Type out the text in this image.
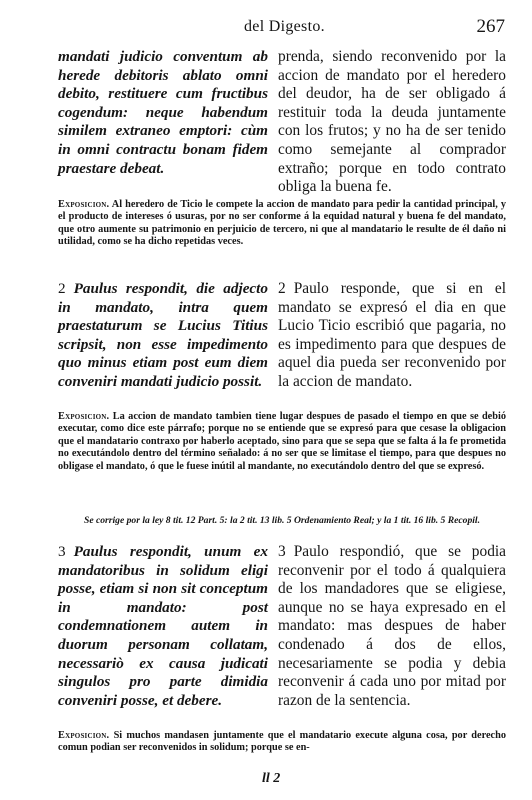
del Digesto.	267
mandati judicio conventum ab herede debitoris ablato omni debito, restituere cum fructibus cogendum: neque habendum similem extraneo emptori: cùm in omni contractu bonam fidem praestare debeat.
prenda, siendo reconvenido por la accion de mandato por el heredero del deudor, ha de ser obligado á restituir toda la deuda juntamente con los frutos; y no ha de ser tenido como semejante al comprador extraño; porque en todo contrato obliga la buena fe.
Exposicion. Al heredero de Ticio le compete la accion de mandato para pedir la cantidad principal, y el producto de intereses ó usuras, por no ser conforme á la equidad natural y buena fe del mandato, que otro aumente su patrimonio en perjuicio de tercero, ni que al mandatario le resulte de él daño ni utilidad, como se ha dicho repetidas veces.
2 Paulus respondit, die adjecto in mandato, intra quem praestaturum se Lucius Titius scripsit, non esse impedimento quo minus etiam post eum diem conveniri mandati judicio possit.
2 Paulo responde, que si en el mandato se expresó el dia en que Lucio Ticio escribió que pagaria, no es impedimento para que despues de aquel dia pueda ser reconvenido por la accion de mandato.
Exposicion. La accion de mandato tambien tiene lugar despues de pasado el tiempo en que se debió executar, como dice este párrafo; porque no se entiende que se expresó para que cesase la obligacion que el mandatario contraxo por haberlo aceptado, sino para que se sepa que se falta á la fe prometida no executándolo dentro del término señalado: á no ser que se limitase el tiempo, para que despues no obligase el mandato, ó que le fuese inútil al mandante, no executándolo dentro del que se expresó.
Se corrige por la ley 8 tit. 12 Part. 5: la 2 tit. 13 lib. 5 Ordenamiento Real; y la 1 tit. 16 lib. 5 Recopil.
3 Paulus respondit, unum ex mandatoribus in solidum eligi posse, etiam si non sit conceptum in mandato: post condemnationem autem in duorum personam collatam, necessariò ex causa judicati singulos pro parte dimidia conveniri posse, et debere.
3 Paulo respondió, que se podia reconvenir por el todo á qualquiera de los mandadores que se eligiese, aunque no se haya expresado en el mandato: mas despues de haber condenado á dos de ellos, necesariamente se podia y debia reconvenir á cada uno por mitad por razon de la sentencia.
Exposicion. Si muchos mandasen juntamente que el mandatario execute alguna cosa, por derecho comun podian ser reconvenidos in solidum; porque se en-
ll 2
